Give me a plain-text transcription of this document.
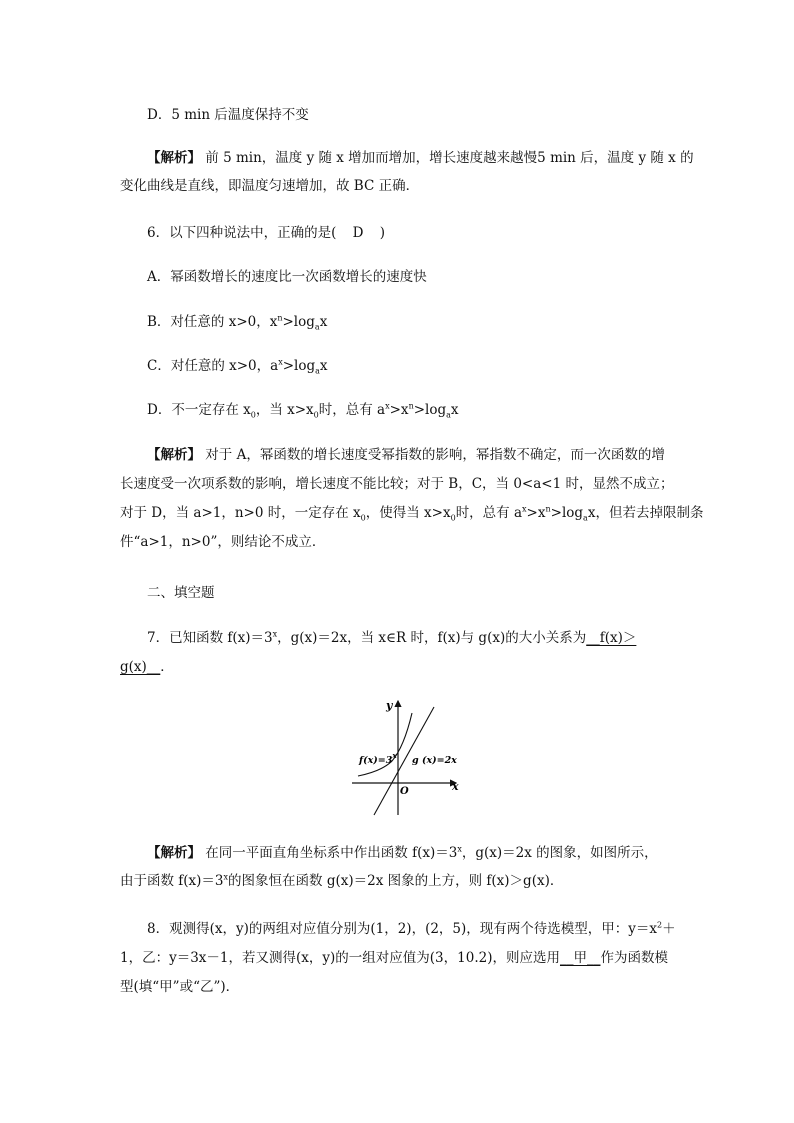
D．5 min 后温度保持不变
【解析】 前 5 min，温度 y 随 x 增加而增加，增长速度越来越慢5 min 后，温度 y 随 x 的
变化曲线是直线，即温度匀速增加，故 BC 正确．
6．以下四种说法中，正确的是( D )
A．幂函数增长的速度比一次函数增长的速度快
B．对任意的 x>0，$x^n>\log_ax$
C．对任意的 x>0，$a^x>\log_ax$
D．不一定存在 $x_0$，当 $x>x_0$时，总有 $a^x>x^n>\log_ax$
【解析】 对于 A，幂函数的增长速度受幂指数的影响，幂指数不确定，而一次函数的增
长速度受一次项系数的影响，增长速度不能比较；对于 B，C，当 0<a<1 时，显然不成立；
对于 D，当 a>1，n>0 时，一定存在 $x_0$，使得当 $x>x_0$时，总有 $a^x>x^n>\log_ax$，但若去掉限制条
件“a>1，n>0”，则结论不成立．
二、填空题
7．已知函数 $f(x)=3^x$，g(x)＝2x，当 x∈R 时，f(x)与 g(x)的大小关系为__f(x)＞
g(x)__．
y
x
O
$f(x)=3^x$ g (x)=2x
【解析】 在同一平面直角坐标系中作出函数 $f(x)=3^x$，g(x)＝2x 的图象，如图所示，
由于函数 $f(x)=3^x$的图象恒在函数 g(x)＝2x 图象的上方，则 f(x)＞g(x)．
8．观测得(x，y)的两组对应值分别为(1，2)，(2，5)，现有两个待选模型，甲：$y=x^2+$
1，乙：y＝3x－1，若又测得(x，y)的一组对应值为(3，10.2)，则应选用__甲__作为函数模
型(填“甲”或“乙”)．
